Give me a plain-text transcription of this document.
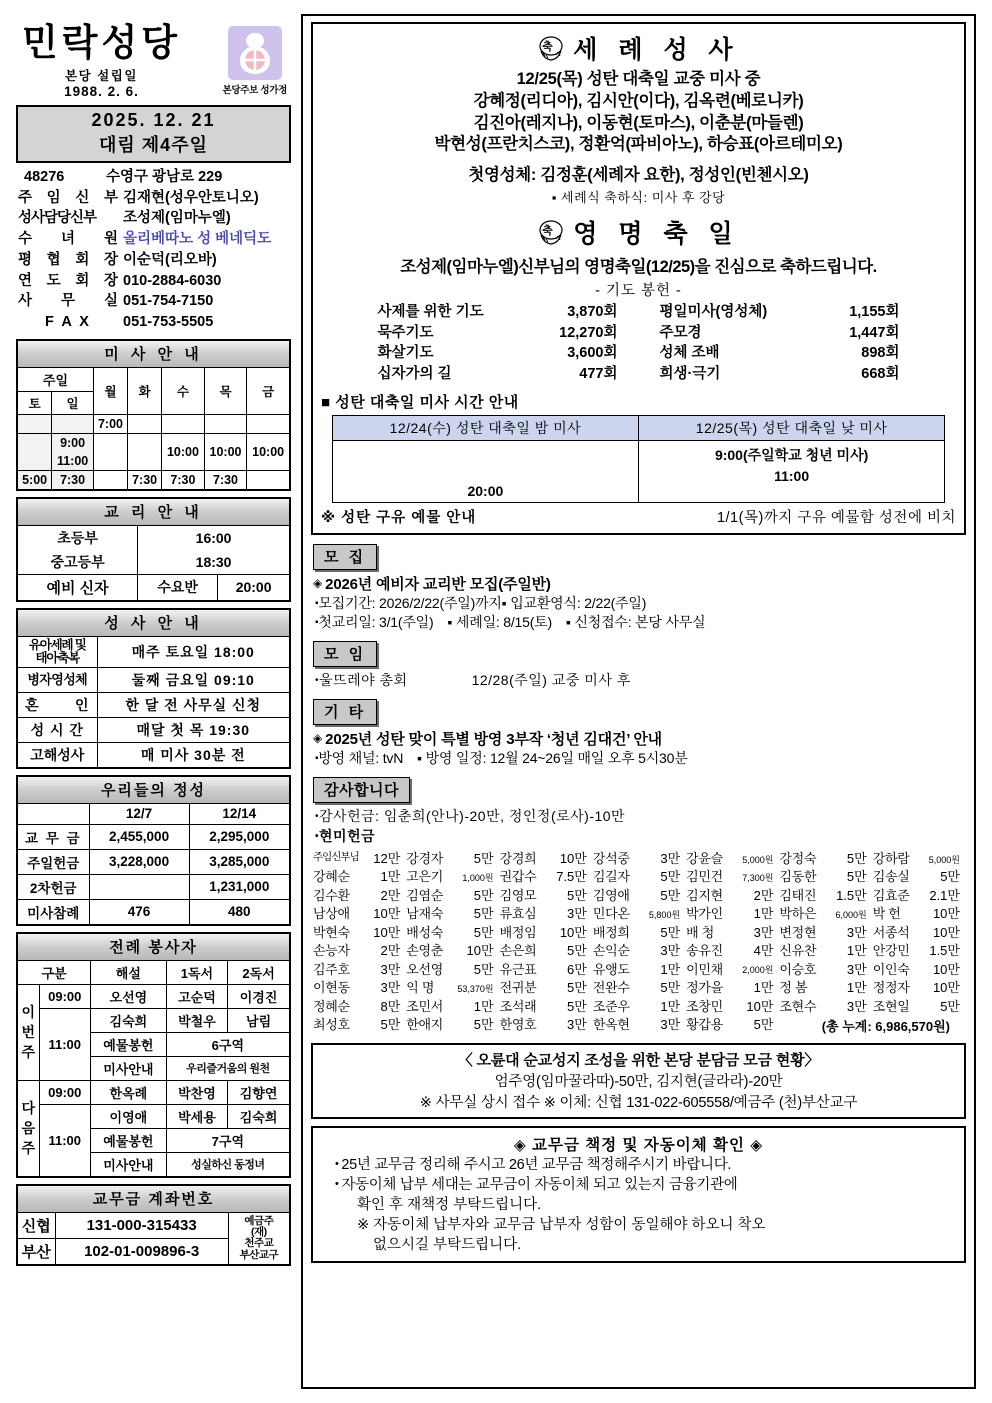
민락성당
본당 설립일
1988. 2. 6.	본당주보 성가정
2025. 12. 21
대림 제4주일
48276	수영구 광남로 229
주 임 신 부 김재현(성우안토니오)
성사담당신부	조성제(임마누엘)
수 녀 원 올리베따노 성 베네딕도
평 협 회 장 이순덕(리오바)
연 도 회 장 010-2884-6030
사 무 실 051-754-7150
F A X	051-753-5505
미 사 안 내						
주일		월	화	수	목	금
토	일					
		7:00				
	9:00			10:00	10:00	10:00
	11:00					
5:00	7:30		7:30	7:30	7:30	
교 리 안 내		
초등부	16:00	
중고등부	18:30	
예비 신자	수요반	20:00
성 사 안 내	
유아세례 및
태아축복	매주 토요일 18:00
병자영성체	둘째 금요일 09:10

혼 인	한 달 전 사무실 신청
성 시 간	매달 첫 목 19:30
고해성사	매 미사 30분 전
우리들의 정성		
	12/7	12/14
교 무 금	2,455,000	2,295,000
주일헌금	3,228,000	3,285,000
2차헌금		1,231,000
미사참례	476	480
전례 봉사자				
구분		해설	1독서	2독서
이
번
주	09:00	오선영	고순덕	이경진
	11:00	김숙희	박철우	남림
		예물봉헌	6구역	
		미사안내	우리즐거움의 원천	
다
음
주	09:00	한옥례	박찬영	김향연
	11:00	이영애	박세용	김숙희
		예물봉헌	7구역	
		미사안내	성실하신 동정녀	
교무금 계좌번호		
신협	131-000-315433	예금주
(재)
천주교
부산교구
부산	102-01-009896-3	
축 세 례 성 사
12/25(목) 성탄 대축일 교중 미사 중
강혜정(리디아), 김시안(이다), 김옥련(베로니카)
김진아(레지나), 이동현(토마스), 이춘분(마들렌)
박현성(프란치스코), 정환억(파비아노), 하승표(아르테미오)
첫영성체: 김정훈(세례자 요한), 정성인(빈첸시오)
▪ 세례식 축하식: 미사 후 강당
축 영 명 축 일
조성제(임마누엘)신부님의 영명축일(12/25)을 진심으로 축하드립니다.
- 기도 봉헌 -
사제를 위한 기도	3,870회	평일미사(영성체)	1,155회
묵주기도	12,270회	주모경	1,447회
화살기도	3,600회	성체 조배	898회
십자가의 길	477회	희생·극기	668회
■ 성탄 대축일 미사 시간 안내
12/24(수) 성탄 대축일 밤 미사	12/25(목) 성탄 대축일 낮 미사
20:00	9:00(주일학교 청년 미사)
11:00
※ 성탄 구유 예물 안내	1/1(목)까지 구유 예물함 성전에 비치
모 집
◈ 2026년 예비자 교리반 모집(주일반)
▪ 모집기간: 2026/2/22(주일)까지▪ 입교환영식: 2/22(주일)
▪ 첫교리일: 3/1(주일) ▪ 세례일: 8/15(토) ▪ 신청접수: 본당 사무실
모 임
• 울뜨레야 총회	12/28(주일) 교중 미사 후
기 타
◈ 2025년 성탄 맞이 특별 방영 3부작 ‘청년 김대건’ 안내
▪ 방영 채널: tvN ▪ 방영 일정: 12월 24~26일 매일 오후 5시30분
감사합니다
• 감사헌금: 임춘희(안나)-20만, 정인정(로사)-10만
• 현미헌금
주임신부님 12만 강경자 5만 강경희 10만 강석중 3만 강윤슬 5,000원 강정숙 5만 강하람 5,000원
강혜순 1만 고은기 1,000원 권갑수 7.5만 김길자 5만 김민건 7,300원 김동한 5만 김송실 5만
김수환 2만 김염순 5만 김영모 5만 김영애 5만 김지현 2만 김태진 1.5만 김효준 2.1만
남상애 10만 남재숙 5만 류효심 3만 민다온 5,800원 박가인 1만 박하은 6,000원 박 헌 10만
박현숙 10만 배성숙 5만 배정임 10만 배정희 5만 배 청	3만 변정현 3만 서종석 10만
손능자 2만 손영춘 10만 손은희 5만 손익순 3만 송유진 4만 신유찬 1만 안강민 1.5만
김주호 3만 오선영 5만 유근표 6만 유앵도 1만 이민채 2,000원 이승호 3만 이인숙 10만
이현동 3만 익 명	53,370원 전귀분 5만 전완수 5만 정가을 1만 정 봄	1만 정정자 10만
정혜순 8만 조민서 1만 조석래 5만 조준우 1만 조창민 10만 조현수 3만 조현일 5만
최성호 5만 한애지 5만 한영호 3만 한옥현 3만 황갑용 5만	(총 누계: 6,986,570원)
〈 오륜대 순교성지 조성을 위한 본당 분담금 모금 현황〉
엄주영(임마꿀라따)-50만, 김지현(글라라)-20만
※ 사무실 상시 접수 ※ 이체: 신협 131-022-605558/예금주 (천)부산교구
◈ 교무금 책정 및 자동이체 확인 ◈
• 25년 교무금 정리해 주시고 26년 교무금 책정해주시기 바랍니다.
• 자동이체 납부 세대는 교무금이 자동이체 되고 있는지 금융기관에
확인 후 재책정 부탁드립니다.
※ 자동이체 납부자와 교무금 납부자 성함이 동일해야 하오니 착오
없으시길 부탁드립니다.
